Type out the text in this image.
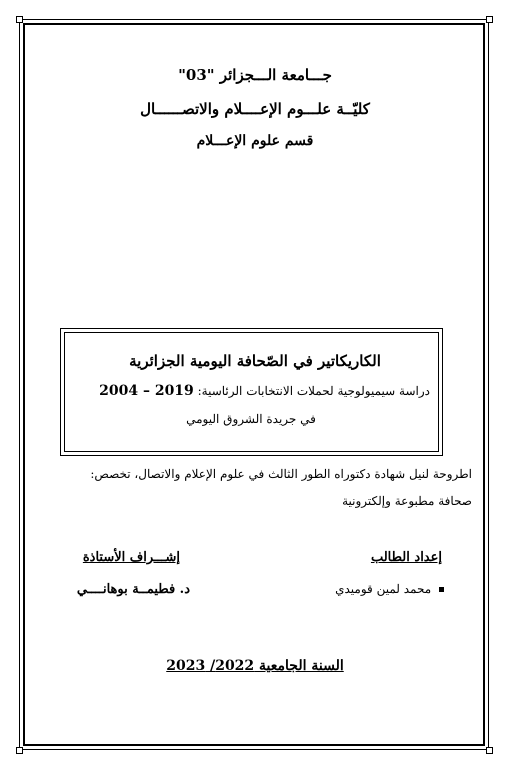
جـــامعة الـــجزائر "03"
كليّــة علـــوم الإعــــلام والاتصــــــال
قسم علوم الإعـــلام
الكاريكاتير في الصّحافة اليومية الجزائرية
دراسة سيميولوجية لحملات الانتخابات الرئاسية: 2004 – 2019
في جريدة الشروق اليومي
اطروحة لنيل شهادة دكتوراه الطور الثالث في علوم الإعلام والاتصال، تخصص:
صحافة مطبوعة وإلكترونية
إعداد الطالب
إشـــراف الأستاذة
محمد لمين قوميدي
د. فطيمــة بوهانــــي
السنة الجامعية 2022/ 2023
